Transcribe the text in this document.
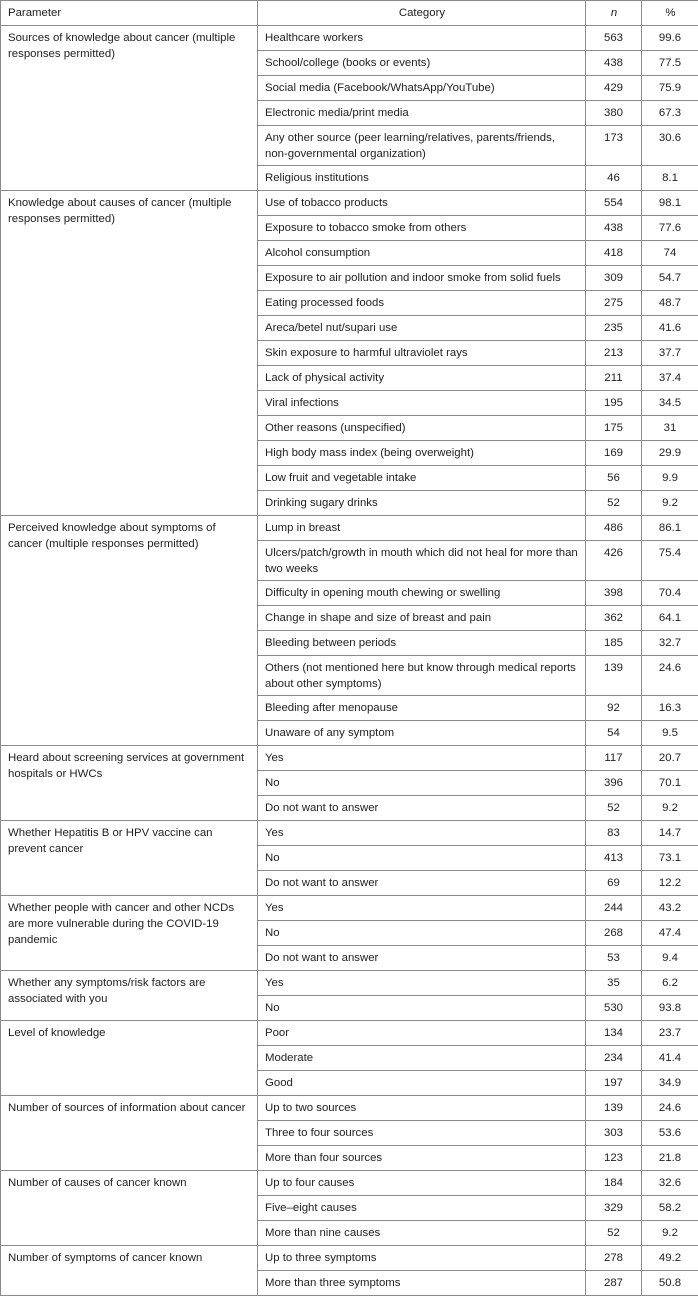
Parameter	Category	n	%
Sources of knowledge about cancer (multiple responses permitted)	Healthcare workers	563	99.6
	School/college (books or events)	438	77.5
	Social media (Facebook/WhatsApp/YouTube)	429	75.9
	Electronic media/print media	380	67.3
	Any other source (peer learning/relatives, parents/friends, non-governmental organization)	173	30.6
	Religious institutions	46	8.1
Knowledge about causes of cancer (multiple responses permitted)	Use of tobacco products	554	98.1
	Exposure to tobacco smoke from others	438	77.6
	Alcohol consumption	418	74
	Exposure to air pollution and indoor smoke from solid fuels	309	54.7
	Eating processed foods	275	48.7
	Areca/betel nut/supari use	235	41.6
	Skin exposure to harmful ultraviolet rays	213	37.7
	Lack of physical activity	211	37.4
	Viral infections	195	34.5
	Other reasons (unspecified)	175	31
	High body mass index (being overweight)	169	29.9
	Low fruit and vegetable intake	56	9.9
	Drinking sugary drinks	52	9.2
Perceived knowledge about symptoms of cancer (multiple responses permitted)	Lump in breast	486	86.1
	Ulcers/patch/growth in mouth which did not heal for more than two weeks	426	75.4
	Difficulty in opening mouth chewing or swelling	398	70.4
	Change in shape and size of breast and pain	362	64.1
	Bleeding between periods	185	32.7
	Others (not mentioned here but know through medical reports about other symptoms)	139	24.6
	Bleeding after menopause	92	16.3
	Unaware of any symptom	54	9.5
Heard about screening services at government hospitals or HWCs	Yes	117	20.7
	No	396	70.1
	Do not want to answer	52	9.2
Whether Hepatitis B or HPV vaccine can prevent cancer	Yes	83	14.7
	No	413	73.1
	Do not want to answer	69	12.2
Whether people with cancer and other NCDs are more vulnerable during the COVID-19 pandemic	Yes	244	43.2
	No	268	47.4
	Do not want to answer	53	9.4
Whether any symptoms/risk factors are associated with you	Yes	35	6.2
	No	530	93.8
Level of knowledge	Poor	134	23.7
	Moderate	234	41.4
	Good	197	34.9
Number of sources of information about cancer	Up to two sources	139	24.6
	Three to four sources	303	53.6
	More than four sources	123	21.8
Number of causes of cancer known	Up to four causes	184	32.6
	Five–eight causes	329	58.2
	More than nine causes	52	9.2
Number of symptoms of cancer known	Up to three symptoms	278	49.2
	More than three symptoms	287	50.8
